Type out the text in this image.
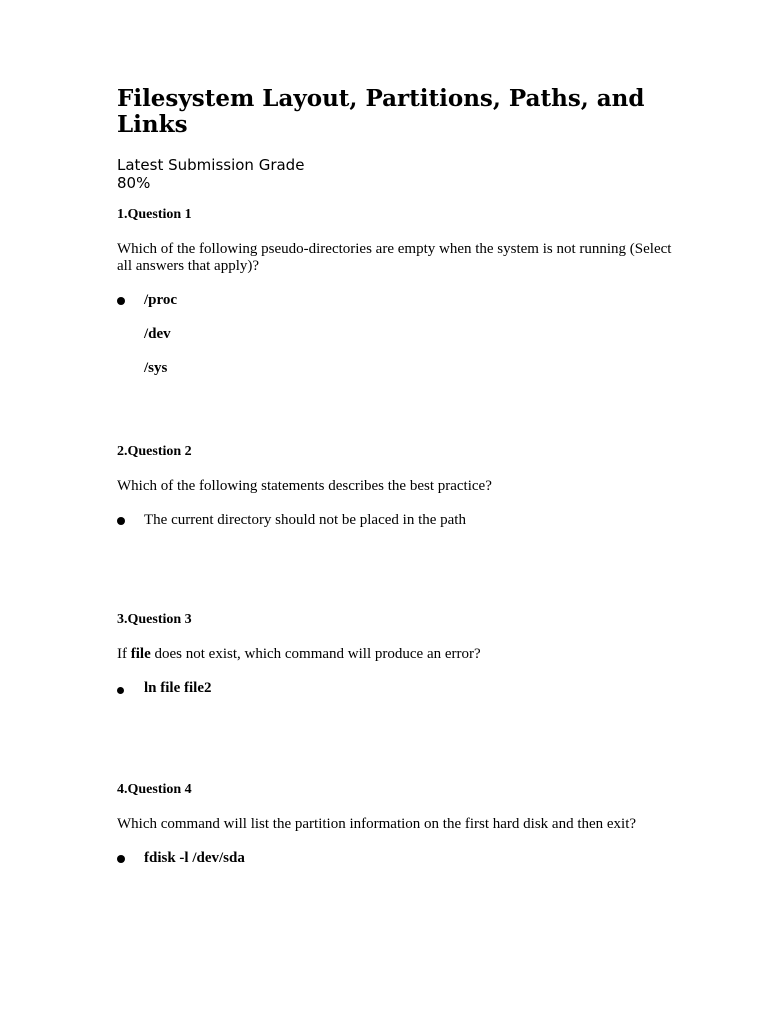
Filesystem Layout, Partitions, Paths, and Links

Latest Submission Grade

80%

1.Question 1
Which of the following pseudo-directories are empty when the system is not running (Select all answers that apply)?
/proc
/dev
/sys
2.Question 2
Which of the following statements describes the best practice?
The current directory should not be placed in the path
3.Question 3
If file does not exist, which command will produce an error?
ln file file2
4.Question 4
Which command will list the partition information on the first hard disk and then exit?
fdisk -l /dev/sda
